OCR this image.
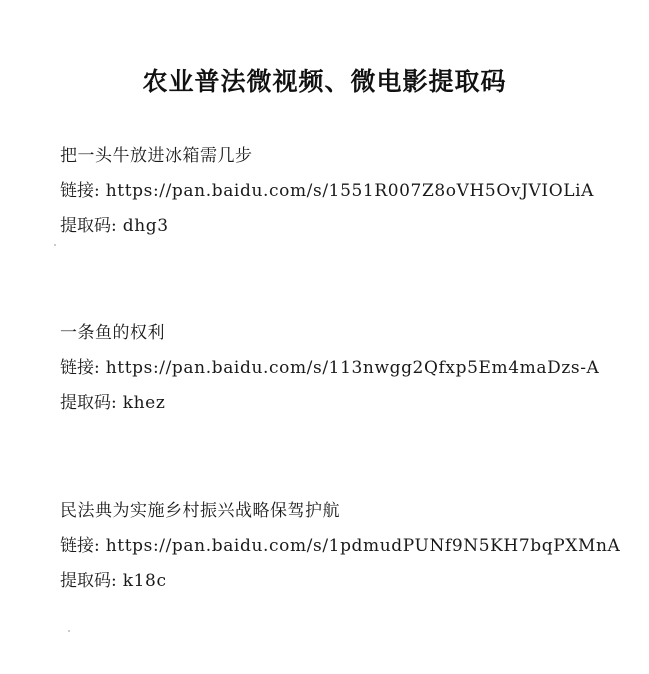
农业普法微视频、微电影提取码
把一头牛放进冰箱需几步
链接: https://pan.baidu.com/s/1551R007Z8oVH5OvJVIOLiA
提取码: dhg3
一条鱼的权利
链接: https://pan.baidu.com/s/113nwgg2Qfxp5Em4maDzs-A
提取码: khez
民法典为实施乡村振兴战略保驾护航
链接: https://pan.baidu.com/s/1pdmudPUNf9N5KH7bqPXMnA
提取码: k18c
